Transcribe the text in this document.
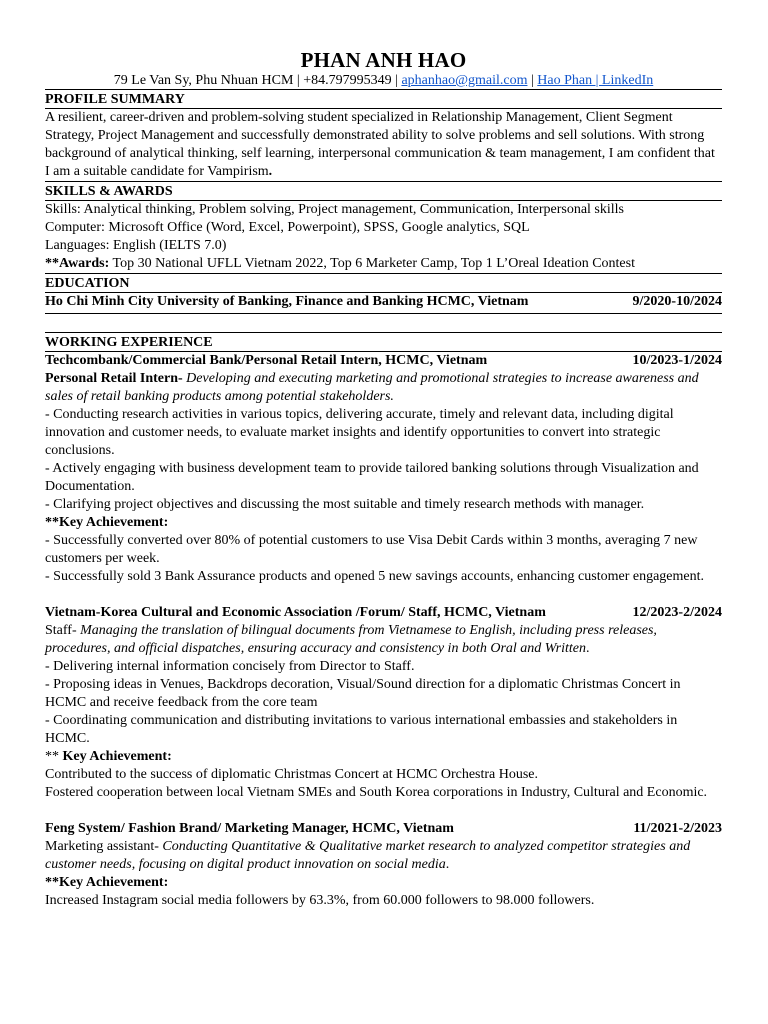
PHAN ANH HAO
79 Le Van Sy, Phu Nhuan HCM | +84.797995349 | aphanhao@gmail.com | Hao Phan | LinkedIn
PROFILE SUMMARY
A resilient, career-driven and problem-solving student specialized in Relationship Management, Client Segment Strategy, Project Management and successfully demonstrated ability to solve problems and sell solutions. With strong background of analytical thinking, self learning, interpersonal communication & team management, I am confident that I am a suitable candidate for Vampirism.
SKILLS & AWARDS
Skills: Analytical thinking, Problem solving, Project management, Communication, Interpersonal skills
Computer: Microsoft Office (Word, Excel, Powerpoint), SPSS, Google analytics, SQL
Languages: English (IELTS 7.0)
**Awards: Top 30 National UFLL Vietnam 2022, Top 6 Marketer Camp, Top 1 L’Oreal Ideation Contest
EDUCATION
Ho Chi Minh City University of Banking, Finance and Banking HCMC, Vietnam	9/2020-10/2024
WORKING EXPERIENCE
Techcombank/Commercial Bank/Personal Retail Intern, HCMC, Vietnam	10/2023-1/2024
Personal Retail Intern- Developing and executing marketing and promotional strategies to increase awareness and sales of retail banking products among potential stakeholders.
- Conducting research activities in various topics, delivering accurate, timely and relevant data, including digital innovation and customer needs, to evaluate market insights and identify opportunities to convert into strategic conclusions.
- Actively engaging with business development team to provide tailored banking solutions through Visualization and Documentation.
- Clarifying project objectives and discussing the most suitable and timely research methods with manager.
**Key Achievement:
- Successfully converted over 80% of potential customers to use Visa Debit Cards within 3 months, averaging 7 new customers per week.
- Successfully sold 3 Bank Assurance products and opened 5 new savings accounts, enhancing customer engagement.
Vietnam-Korea Cultural and Economic Association /Forum/ Staff, HCMC, Vietnam	12/2023-2/2024
Staff- Managing the translation of bilingual documents from Vietnamese to English, including press releases, procedures, and official dispatches, ensuring accuracy and consistency in both Oral and Written.
- Delivering internal information concisely from Director to Staff.
- Proposing ideas in Venues, Backdrops decoration, Visual/Sound direction for a diplomatic Christmas Concert in HCMC and receive feedback from the core team
- Coordinating communication and distributing invitations to various international embassies and stakeholders in HCMC.
** Key Achievement:
Contributed to the success of diplomatic Christmas Concert at HCMC Orchestra House.
Fostered cooperation between local Vietnam SMEs and South Korea corporations in Industry, Cultural and Economic.
Feng System/ Fashion Brand/ Marketing Manager, HCMC, Vietnam	11/2021-2/2023
Marketing assistant- Conducting Quantitative & Qualitative market research to analyzed competitor strategies and customer needs, focusing on digital product innovation on social media.
**Key Achievement:
Increased Instagram social media followers by 63.3%, from 60.000 followers to 98.000 followers.
